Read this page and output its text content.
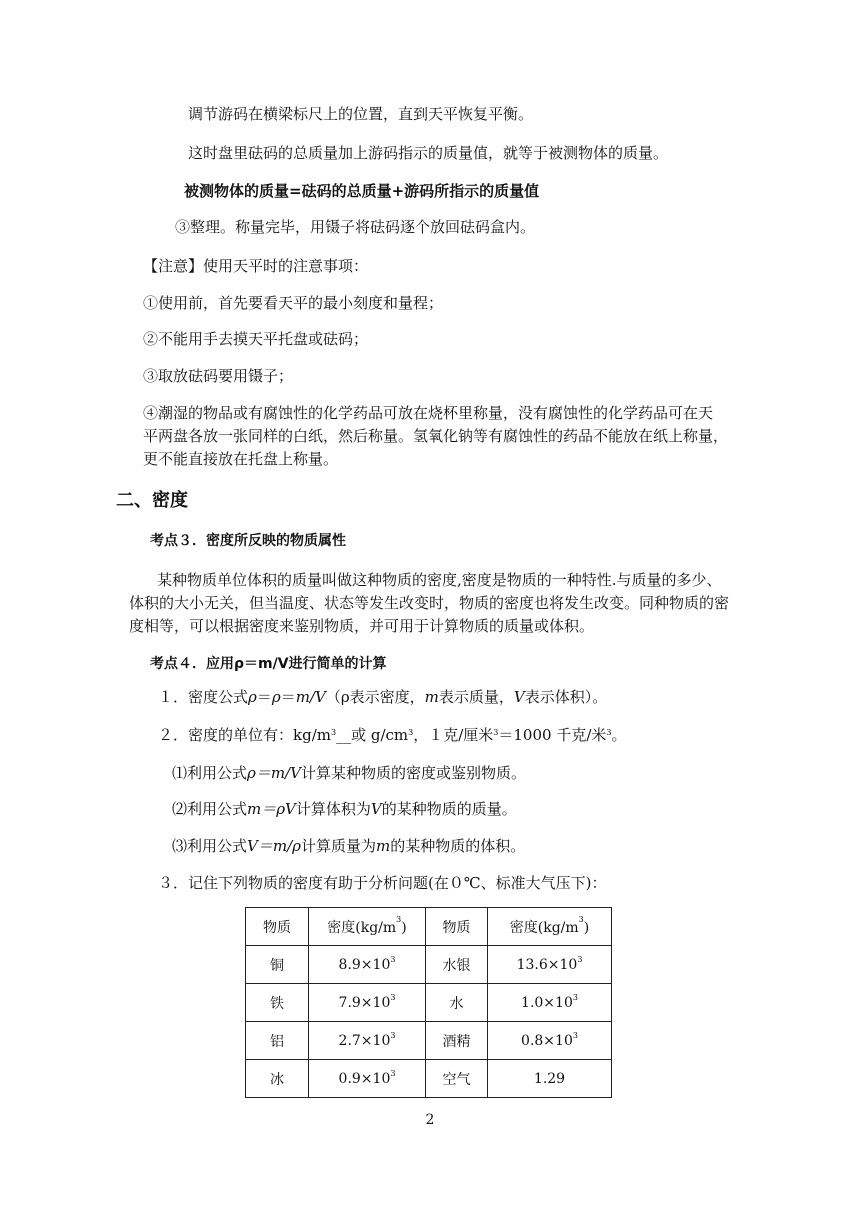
调节游码在横梁标尺上的位置，直到天平恢复平衡。
这时盘里砝码的总质量加上游码指示的质量值，就等于被测物体的质量。
被测物体的质量=砝码的总质量+游码所指示的质量值
③整理。称量完毕，用镊子将砝码逐个放回砝码盒内。
【注意】使用天平时的注意事项：
①使用前，首先要看天平的最小刻度和量程；
②不能用手去摸天平托盘或砝码；
③取放砝码要用镊子；
④潮湿的物品或有腐蚀性的化学药品可放在烧杯里称量，没有腐蚀性的化学药品可在天
平两盘各放一张同样的白纸，然后称量。氢氧化钠等有腐蚀性的药品不能放在纸上称量，
更不能直接放在托盘上称量。
二、密度
考点３．密度所反映的物质属性
某种物质单位体积的质量叫做这种物质的密度,密度是物质的一种特性.与质量的多少、
体积的大小无关，但当温度、状态等发生改变时，物质的密度也将发生改变。同种物质的密
度相等，可以根据密度来鉴别物质，并可用于计算物质的质量或体积。
考点４．应用ρ＝m/V进行简单的计算
１．密度公式ρ＝ρ＝m/V（ρ表示密度，m表示质量，V表示体积）。
２．密度的单位有：$kg/m^3\_\_$或 $g/cm^3$，１克/厘米$^3$＝1000 千克/米$^3$。
⑴利用公式ρ＝m/V计算某种物质的密度或鉴别物质。
⑵利用公式m＝ρV计算体积为V的某种物质的质量。
⑶利用公式V＝m/ρ计算质量为m的某种物质的体积。
３．记住下列物质的密度有助于分析问题(在０℃、标准大气压下)：
物质	密度$(kg/m^3)$	物质	密度$(kg/m^3)$
铜	$8.9\times 10^3$	水银	$13.6\times 10^3$
铁	$7.9\times 10^3$	水	$1.0\times 10^3$
铝	$2.7\times 10^3$	酒精	$0.8\times 10^3$
冰	$0.9\times 10^3$	空气	1.29
2
